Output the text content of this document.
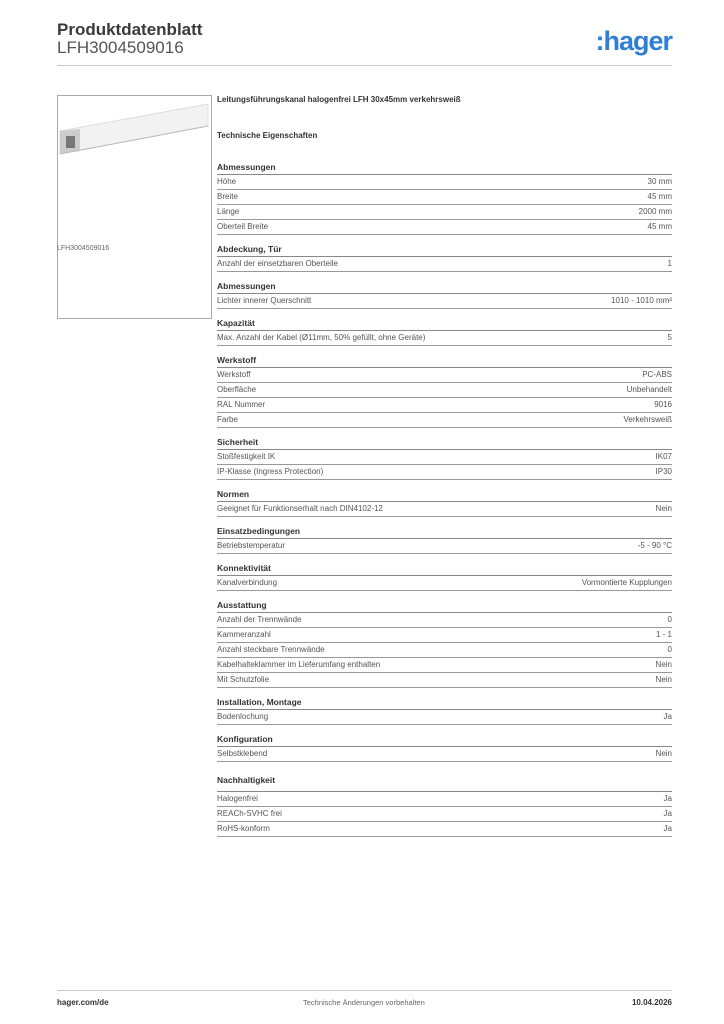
Produktdatenblatt
LFH3004509016	:hager
LFH3004509016
Leitungsführungskanal halogenfrei LFH 30x45mm verkehrsweiß
Technische Eigenschaften
Abmessungen
Höhe	30 mm
Breite	45 mm
Länge	2000 mm
Oberteil Breite	45 mm
Abdeckung, Tür
Anzahl der einsetzbaren Oberteile	1
Abmessungen
Lichter innerer Querschnitt	1010 - 1010 mm²
Kapazität
Max. Anzahl der Kabel (Ø11mm, 50% gefüllt, ohne Geräte)	5
Werkstoff
Werkstoff	PC-ABS
Oberfläche	Unbehandelt
RAL Nummer	9016
Farbe	Verkehrsweiß
Sicherheit
Stoßfestigkeit IK	IK07
IP-Klasse (Ingress Protection)	IP30
Normen
Geeignet für Funktionserhalt nach DIN4102-12	Nein
Einsatzbedingungen
Betriebstemperatur	-5 - 90 °C
Konnektivität
Kanalverbindung	Vormontierte Kupplungen
Ausstattung
Anzahl der Trennwände	0
Kammeranzahl	1 - 1
Anzahl steckbare Trennwände	0
Kabelhalteklammer im Lieferumfang enthalten	Nein
Mit Schutzfolie	Nein
Installation, Montage
Bodenlochung	Ja
Konfiguration
Selbstklebend	Nein
Nachhaltigkeit
Halogenfrei	Ja
REACh-SVHC frei	Ja
RoHS-konform	Ja
hager.com/de	Technische Änderungen vorbehalten	10.04.2026
